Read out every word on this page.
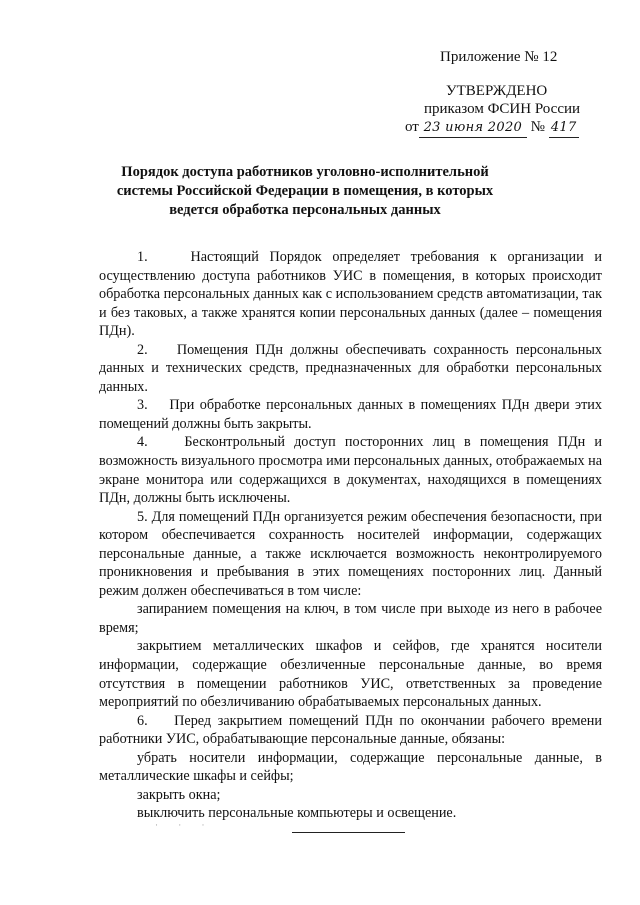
Приложение № 12
УТВЕРЖДЕНО
приказом ФСИН России
от 23 июня 2020 № 417
Порядок доступа работников уголовно-исполнительной системы Российской Федерации в помещения, в которых ведется обработка персональных данных

1.    Настоящий Порядок определяет требования к организации и осуществлению доступа работников УИС в помещения, в которых происходит обработка персональных данных как с использованием средств автоматизации, так и без таковых, а также хранятся копии персональных данных (далее – помещения ПДн).

2.    Помещения ПДн должны обеспечивать сохранность персональных данных и технических средств, предназначенных для обработки персональных данных.

3.    При обработке персональных данных в помещениях ПДн двери этих помещений должны быть закрыты.

4.    Бесконтрольный доступ посторонних лиц в помещения ПДн и возможность визуального просмотра ими персональных данных, отображаемых на экране монитора или содержащихся в документах, находящихся в помещениях ПДн, должны быть исключены.

5. Для помещений ПДн организуется режим обеспечения безопасности, при котором обеспечивается сохранность носителей информации, содержащих персональные данные, а также исключается возможность неконтролируемого проникновения и пребывания в этих помещениях посторонних лиц. Данный режим должен обеспечиваться в том числе:

запиранием помещения на ключ, в том числе при выходе из него в рабочее время;

закрытием металлических шкафов и сейфов, где хранятся носители информации, содержащие обезличенные персональные данные, во время отсутствия в помещении работников УИС, ответственных за проведение мероприятий по обезличиванию обрабатываемых персональных данных.

6.    Перед закрытием помещений ПДн по окончании рабочего времени работники УИС, обрабатывающие персональные данные, обязаны:

убрать носители информации, содержащие персональные данные, в металлические шкафы и сейфы;

закрыть окна;

выключить персональные компьютеры и освещение.

· · ·
